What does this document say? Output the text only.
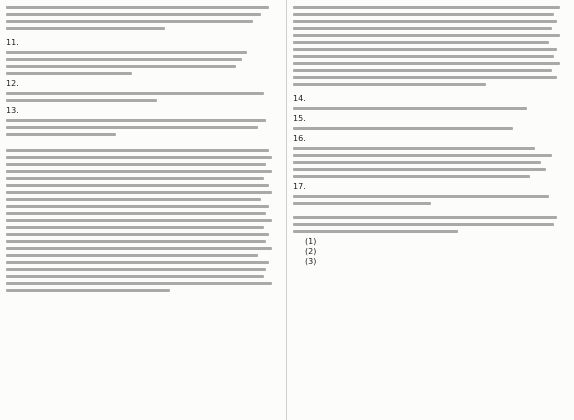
11.
12.
13.
14.
15.
16.
17.
(1)
(2)
(3)
